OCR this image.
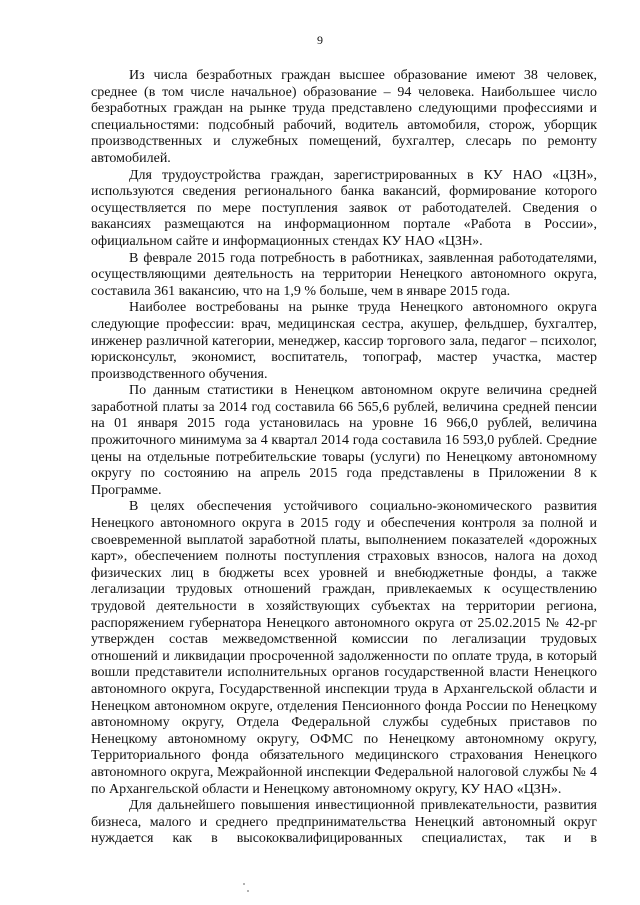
9

Из числа безработных граждан высшее образование имеют 38 человек, среднее (в том числе начальное) образование – 94 человека. Наибольшее число безработных граждан на рынке труда представлено следующими профессиями и специальностями: подсобный рабочий, водитель автомобиля, сторож, уборщик производственных и служебных помещений, бухгалтер, слесарь по ремонту автомобилей.

Для трудоустройства граждан, зарегистрированных в КУ НАО «ЦЗН», используются сведения регионального банка вакансий, формирование которого осуществляется по мере поступления заявок от работодателей. Сведения о вакансиях размещаются на информационном портале «Работа в России», официальном сайте и информационных стендах КУ НАО «ЦЗН».

В феврале 2015 года потребность в работниках, заявленная работодателями, осуществляющими деятельность на территории Ненецкого автономного округа, составила 361 вакансию, что на 1,9 % больше, чем в январе 2015 года.

Наиболее востребованы на рынке труда Ненецкого автономного округа следующие профессии: врач, медицинская сестра, акушер, фельдшер, бухгалтер, инженер различной категории, менеджер, кассир торгового зала, педагог – психолог, юрисконсульт, экономист, воспитатель, топограф, мастер участка, мастер производственного обучения.

По данным статистики в Ненецком автономном округе величина средней заработной платы за 2014 год составила 66 565,6 рублей, величина средней пенсии на 01 января 2015 года установилась на уровне 16 966,0 рублей, величина прожиточного минимума за 4 квартал 2014 года составила 16 593,0 рублей. Средние цены на отдельные потребительские товары (услуги) по Ненецкому автономному округу по состоянию на апрель 2015 года представлены в Приложении 8 к Программе.

В целях обеспечения устойчивого социально-экономического развития Ненецкого автономного округа в 2015 году и обеспечения контроля за полной и своевременной выплатой заработной платы, выполнением показателей «дорожных карт», обеспечением полноты поступления страховых взносов, налога на доход физических лиц в бюджеты всех уровней и внебюджетные фонды, а также легализации трудовых отношений граждан, привлекаемых к осуществлению трудовой деятельности в хозяйствующих субъектах на территории региона, распоряжением губернатора Ненецкого автономного округа от 25.02.2015 № 42-рг утвержден состав межведомственной комиссии по легализации трудовых отношений и ликвидации просроченной задолженности по оплате труда, в который вошли представители исполнительных органов государственной власти Ненецкого автономного округа, Государственной инспекции труда в Архангельской области и Ненецком автономном округе, отделения Пенсионного фонда России по Ненецкому автономному округу, Отдела Федеральной службы судебных приставов по Ненецкому автономному округу, ОФМС по Ненецкому автономному округу, Территориального фонда обязательного медицинского страхования Ненецкого автономного округа, Межрайонной инспекции Федеральной налоговой службы № 4 по Архангельской области и Ненецкому автономному округу, КУ НАО «ЦЗН».

Для дальнейшего повышения инвестиционной привлекательности, развития бизнеса, малого и среднего предпринимательства Ненецкий автономный округ нуждается как в высококвалифицированных специалистах, так и в
